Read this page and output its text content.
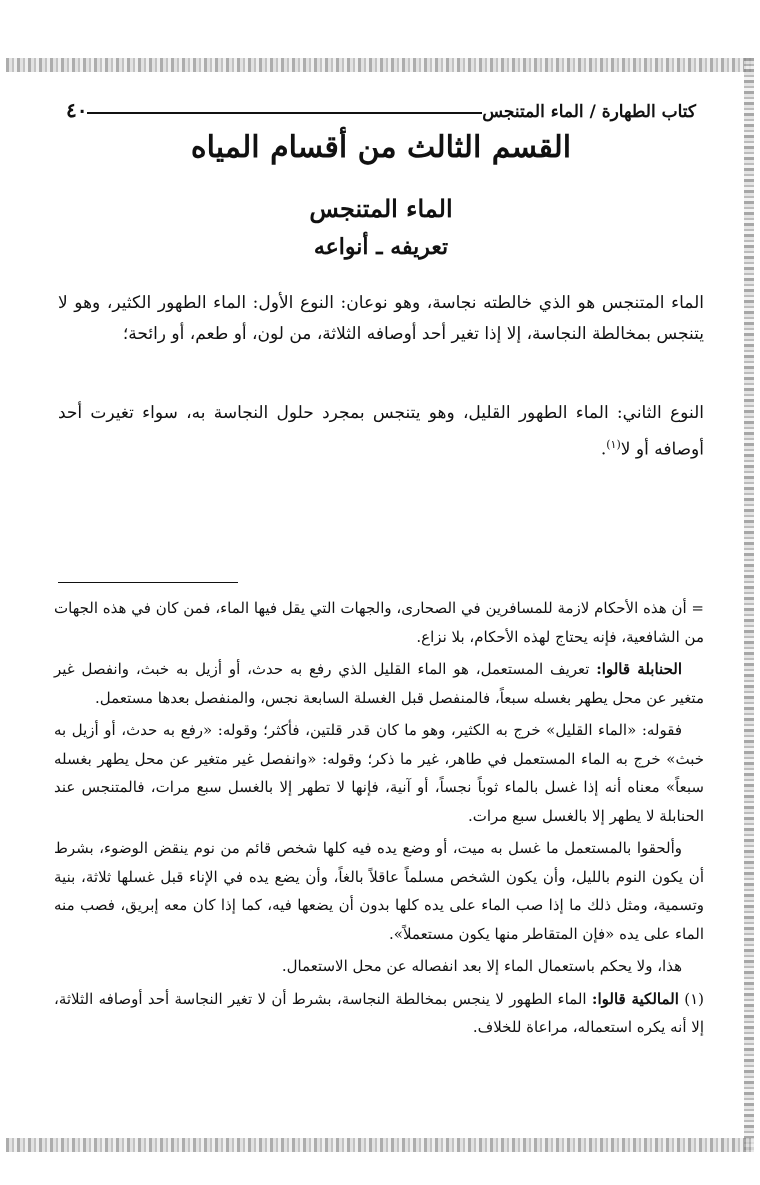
كتاب الطهارة / الماء المتنجس
٤٠
القسم الثالث من أقسام المياه
الماء المتنجس
تعريفه ـ أنواعه
الماء المتنجس هو الذي خالطته نجاسة، وهو نوعان: النوع الأول: الماء الطهور الكثير، وهو لا يتنجس بمخالطة النجاسة، إلا إذا تغير أحد أوصافه الثلاثة، من لون، أو طعم، أو رائحة؛
النوع الثاني: الماء الطهور القليل، وهو يتنجس بمجرد حلول النجاسة به، سواء تغيرت أحد أوصافه أو لا$^{(١)}$.

= أن هذه الأحكام لازمة للمسافرين في الصحارى، والجهات التي يقل فيها الماء، فمن كان في هذه الجهات من الشافعية، فإنه يحتاج لهذه الأحكام، بلا نزاع.

الحنابلة قالوا: تعريف المستعمل، هو الماء القليل الذي رفع به حدث، أو أزيل به خبث، وانفصل غير متغير عن محل يطهر بغسله سبعاً، فالمنفصل قبل الغسلة السابعة نجس، والمنفصل بعدها مستعمل.

فقوله: «الماء القليل» خرج به الكثير، وهو ما كان قدر قلتين، فأكثر؛ وقوله: «رفع به حدث، أو أزيل به خبث» خرج به الماء المستعمل في طاهر، غير ما ذكر؛ وقوله: «وانفصل غير متغير عن محل يطهر بغسله سبعاً» معناه أنه إذا غسل بالماء ثوباً نجساً، أو آنية، فإنها لا تطهر إلا بالغسل سبع مرات، فالمتنجس عند الحنابلة لا يطهر إلا بالغسل سبع مرات.

وألحقوا بالمستعمل ما غسل به ميت، أو وضع يده فيه كلها شخص قائم من نوم ينقض الوضوء، بشرط أن يكون النوم بالليل، وأن يكون الشخص مسلماً عاقلاً بالغاً، وأن يضع يده في الإناء قبل غسلها ثلاثة، بنية وتسمية، ومثل ذلك ما إذا صب الماء على يده كلها بدون أن يضعها فيه، كما إذا كان معه إبريق، فصب منه الماء على يده «فإن المتقاطر منها يكون مستعملاً».

هذا، ولا يحكم باستعمال الماء إلا بعد انفصاله عن محل الاستعمال.

(١) المالكية قالوا: الماء الطهور لا ينجس بمخالطة النجاسة، بشرط أن لا تغير النجاسة أحد أوصافه الثلاثة، إلا أنه يكره استعماله، مراعاة للخلاف.
